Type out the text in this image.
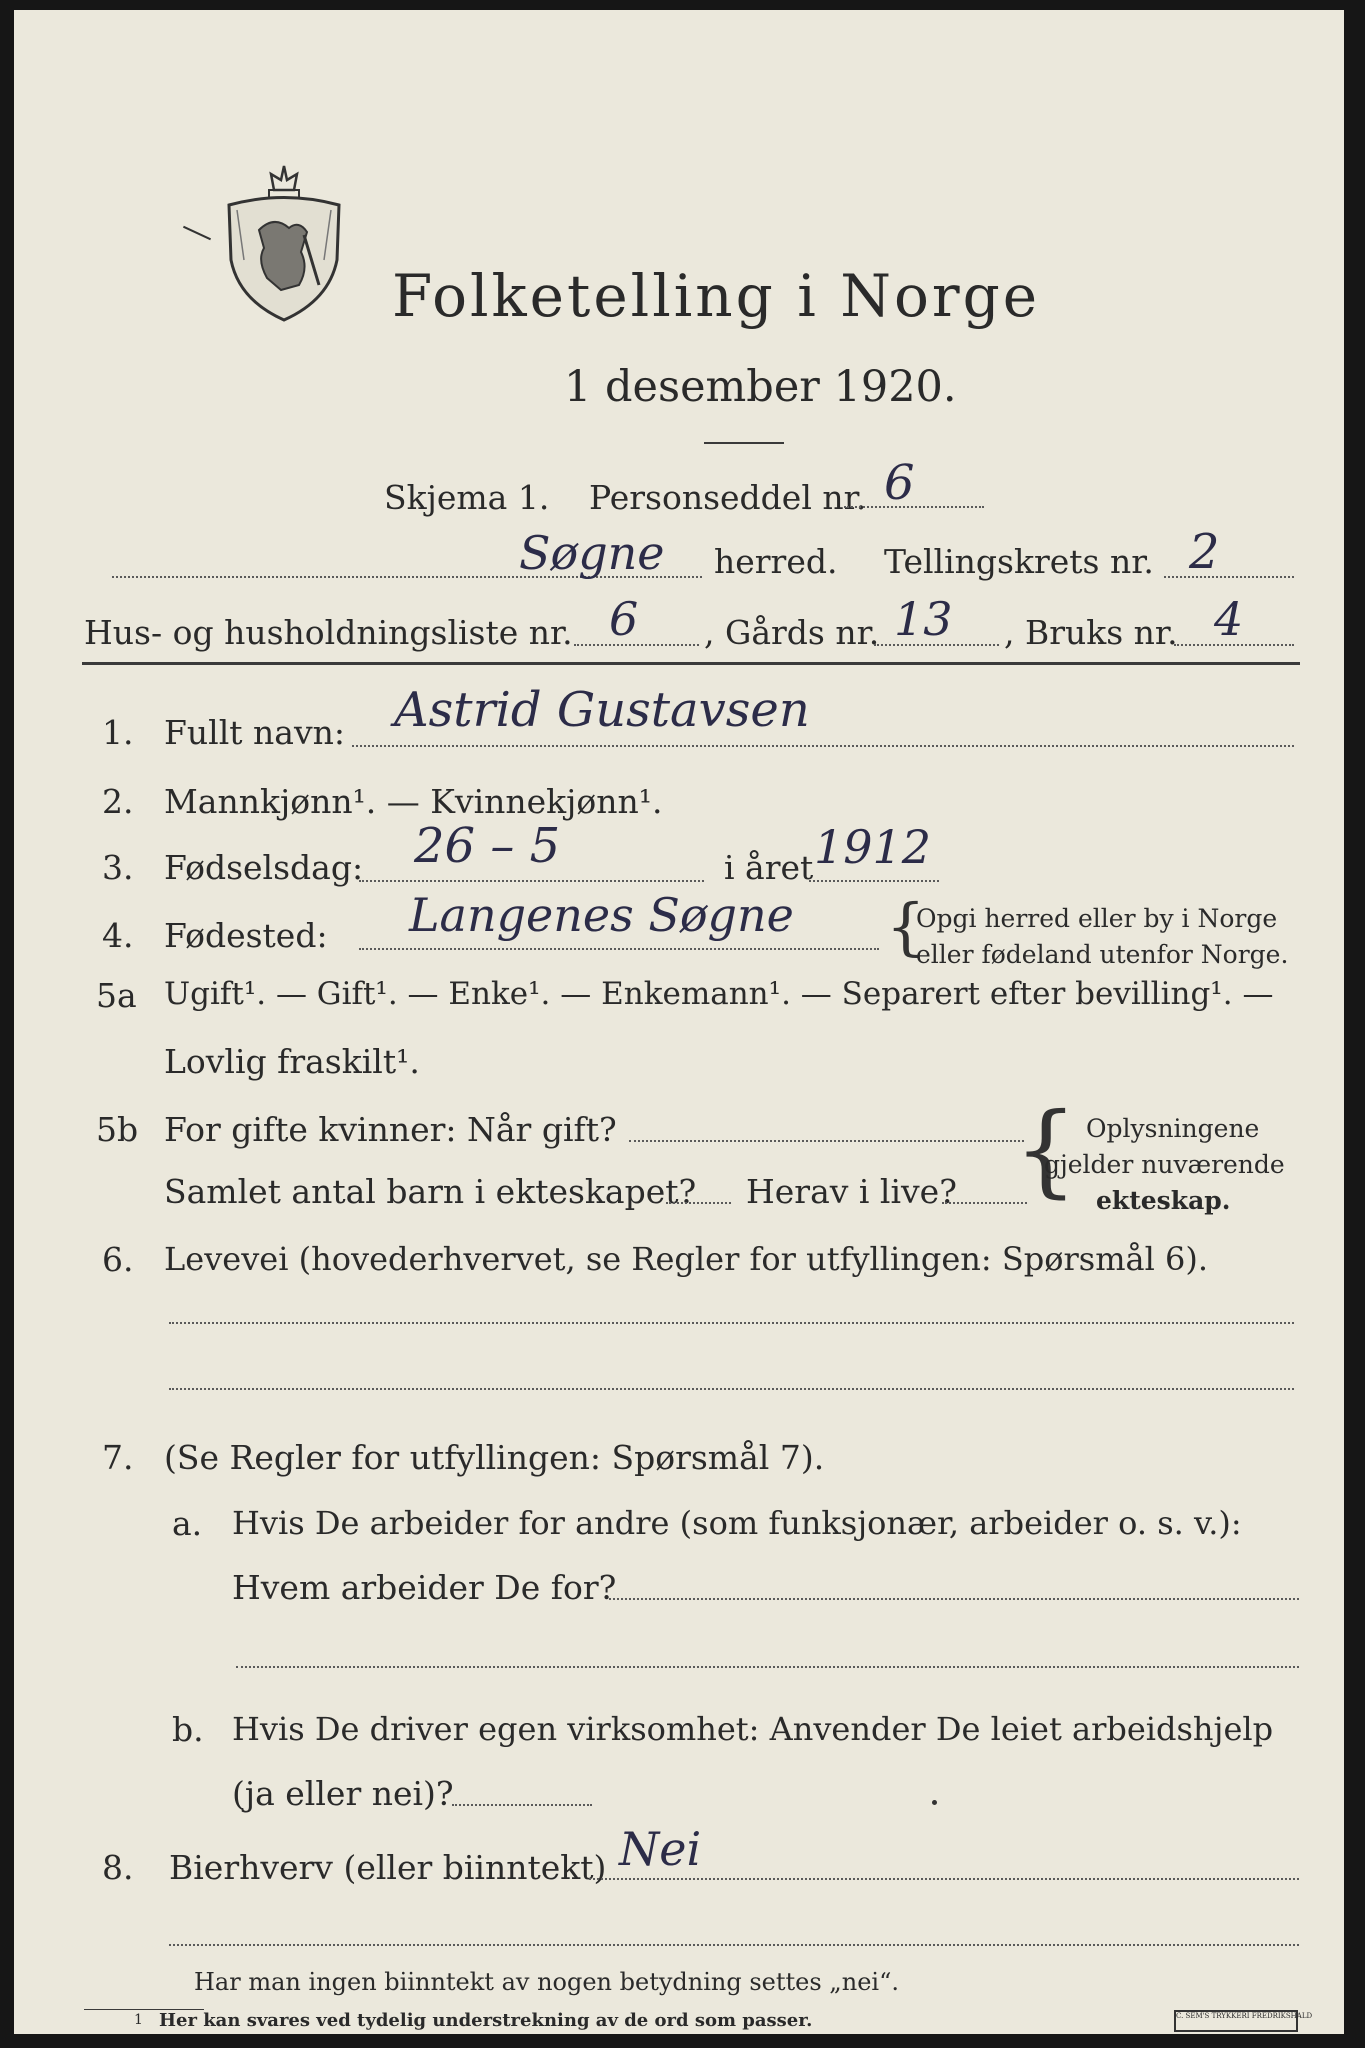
Folketelling i Norge
1 desember 1920.
Skjema 1. Personseddel nr. 6
Søgne herred. Tellingskrets nr. 2
Hus- og husholdningsliste nr. 6 , Gårds nr. 13 , Bruks nr. 4
1. Fullt navn: Astrid Gustavsen
2. Mannkjønn¹. — Kvinnekjønn¹.
3. Fødselsdag: 26 – 5	i året 1912
4. Fødested: Langenes Søgne {
Opgi herred eller by i Norge
eller fødeland utenfor Norge.
5a Ugift¹. — Gift¹. — Enke¹. — Enkemann¹. — Separert efter bevilling¹. —
Lovlig fraskilt¹.
5b For gifte kvinner: Når gift?
Samlet antal barn i ekteskapet? Herav i live? { Oplysningene
gjelder nuværende
ekteskap.
6. Levevei (hovederhvervet, se Regler for utfyllingen: Spørsmål 6).
7. (Se Regler for utfyllingen: Spørsmål 7).
a. Hvis De arbeider for andre (som funksjonær, arbeider o. s. v.):
Hvem arbeider De for?
b. Hvis De driver egen virksomhet: Anvender De leiet arbeidshjelp
(ja eller nei)?
8. Bierhverv (eller biinntekt) Nei
Har man ingen biinntekt av nogen betydning settes „nei“.
1 Her kan svares ved tydelig understrekning av de ord som passer.	C. SEM'S TRYKKERI FREDRIKSHALD
